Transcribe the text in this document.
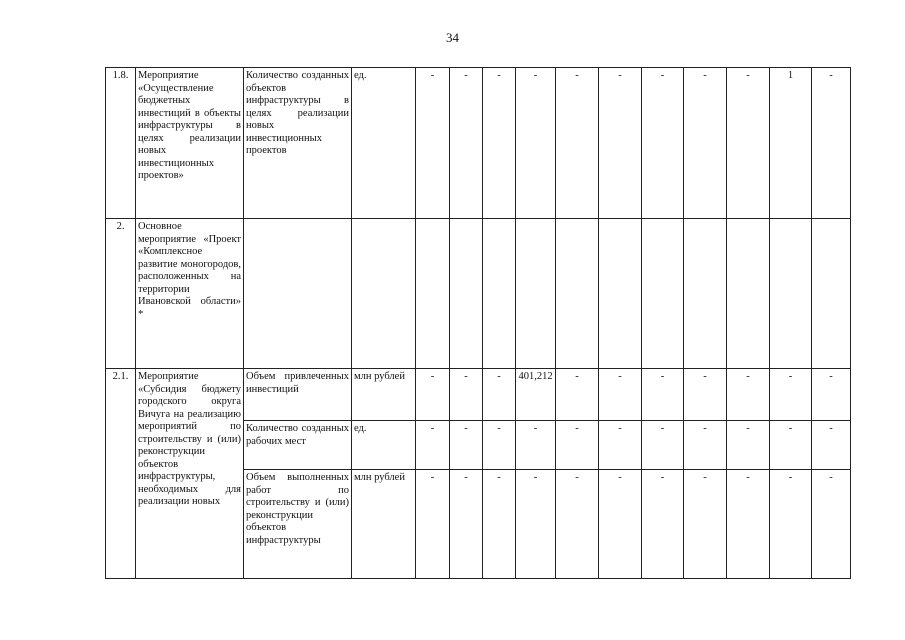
34
1.8.	Мероприятие «Осуществление бюджетных инвестиций в объекты инфраструктуры в целях реализации новых инвестиционных проектов»	Количество созданных объектов инфраструктуры в целях реализации новых инвестиционных проектов	ед.	-	-	-	-	-	-	-	-	-	1	-
2.	Основное мероприятие «Проект «Комплексное развитие моногородов, расположенных на территории Ивановской области» *													
2.1.	Мероприятие «Субсидия бюджету городского округа Вичуга на реализацию мероприятий по строительству и (или) реконструкции объектов инфраструктуры, необходимых для реализации новых	Объем привлеченных инвестиций	млн рублей	-	-	-	401,212	-	-	-	-	-	-	-
		Количество созданных рабочих мест	ед.	-	-	-	-	-	-	-	-	-	-	-
		Объем выполненных работ по строительству и (или) реконструкции объектов инфраструктуры	млн рублей	-	-	-	-	-	-	-	-	-	-	-
